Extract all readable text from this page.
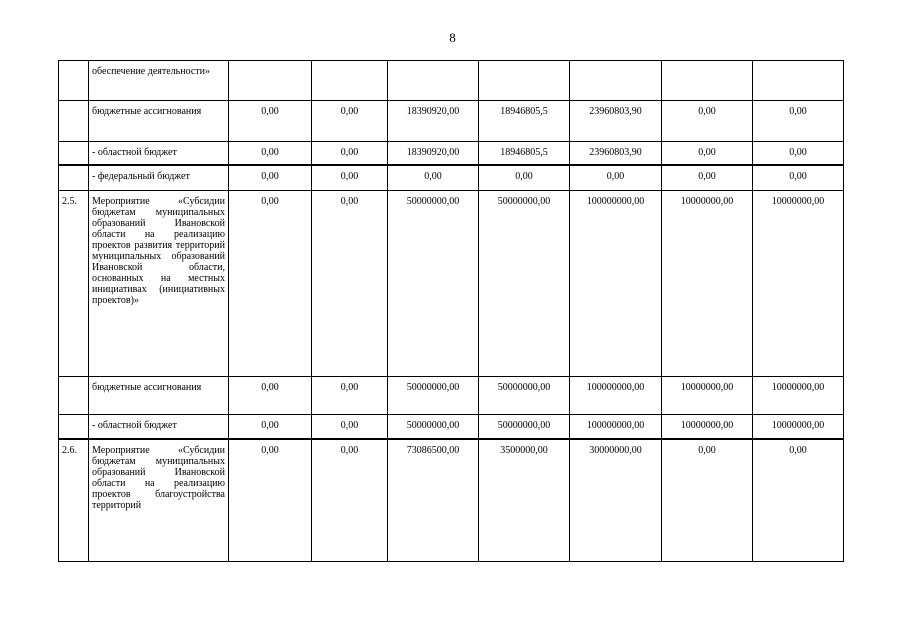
8
	обеспечение деятельности»							
	бюджетные ассигнования	0,00	0,00	18390920,00	18946805,5	23960803,90	0,00	0,00
	- областной бюджет	0,00	0,00	18390920,00	18946805,5	23960803,90	0,00	0,00
	- федеральный бюджет	0,00	0,00	0,00	0,00	0,00	0,00	0,00
2.5.	Мероприятие «Субсидии бюджетам муниципальных образований Ивановской области на реализацию проектов развития территорий муниципальных образований Ивановской области, основанных на местных инициативах (инициативных проектов)»	0,00	0,00	50000000,00	50000000,00	100000000,00	10000000,00	10000000,00
	бюджетные ассигнования	0,00	0,00	50000000,00	50000000,00	100000000,00	10000000,00	10000000,00
	- областной бюджет	0,00	0,00	50000000,00	50000000,00	100000000,00	10000000,00	10000000,00
2.6.	Мероприятие «Субсидии бюджетам муниципальных образований Ивановской области на реализацию проектов благоустройства территорий	0,00	0,00	73086500,00	3500000,00	30000000,00	0,00	0,00
